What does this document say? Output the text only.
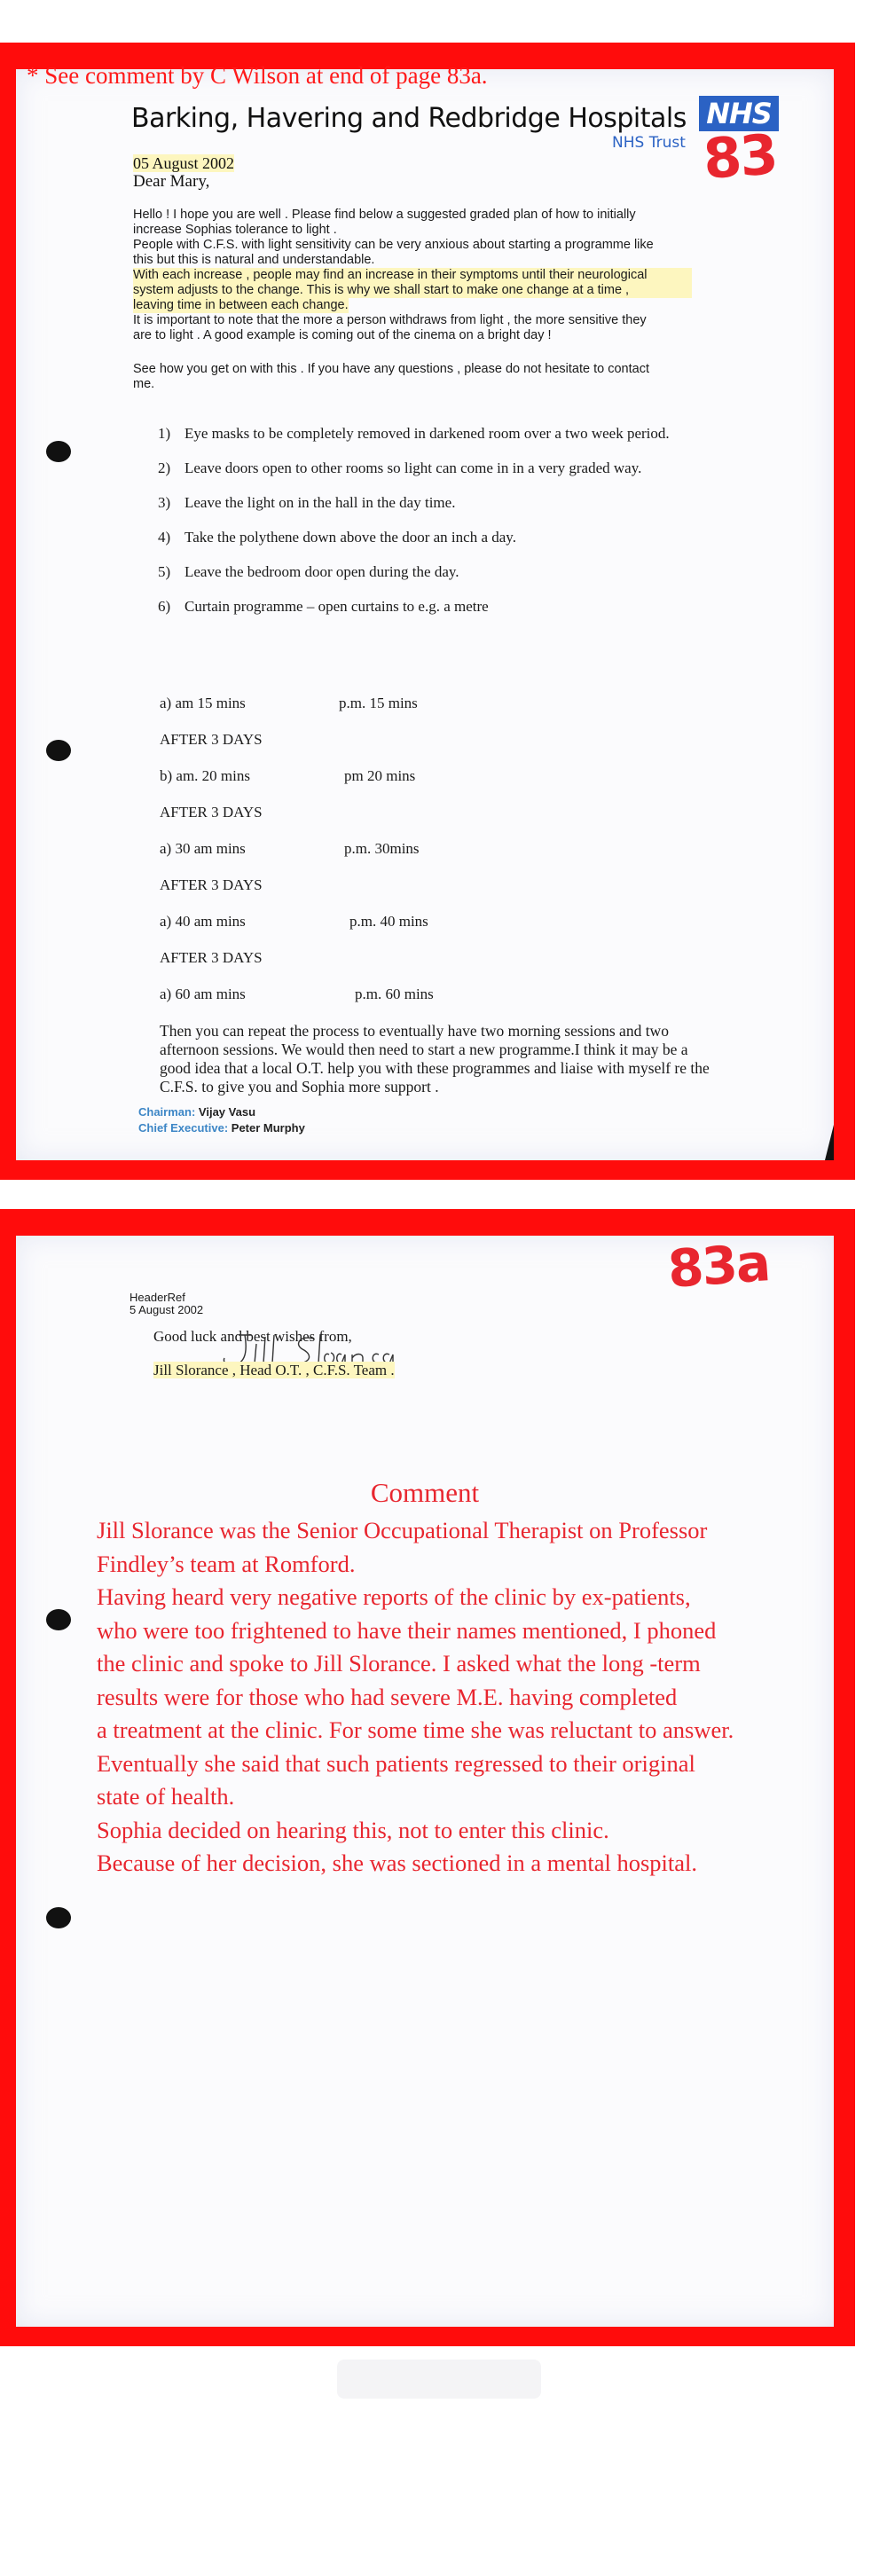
* See comment by C Wilson at end of page 83a.
Barking, Havering and Redbridge Hospitals NHS
NHS Trust 83
05 August 2002
Dear Mary,
Hello ! I hope you are well . Please find below a suggested graded plan of how to initially
increase Sophias tolerance to light .
People with C.F.S. with light sensitivity can be very anxious about starting a programme like
this but this is natural and understandable.
With each increase , people may find an increase in their symptoms until their neurological
system adjusts to the change. This is why we shall start to make one change at a time ,
leaving time in between each change.
It is important to note that the more a person withdraws from light , the more sensitive they
are to light . A good example is coming out of the cinema on a bright day !
See how you get on with this . If you have any questions , please do not hesitate to contact
me.
1) Eye masks to be completely removed in darkened room over a two week period.
2) Leave doors open to other rooms so light can come in in a very graded way.
3) Leave the light on in the hall in the day time.
4) Take the polythene down above the door an inch a day.
5) Leave the bedroom door open during the day.
6) Curtain programme – open curtains to e.g. a metre
a) am 15 mins	p.m. 15 mins
AFTER 3 DAYS
b) am. 20 mins	pm 20 mins
AFTER 3 DAYS
a) 30 am mins	p.m. 30mins
AFTER 3 DAYS
a) 40 am mins	p.m. 40 mins
AFTER 3 DAYS
a) 60 am mins	p.m. 60 mins
Then you can repeat the process to eventually have two morning sessions and two afternoon sessions. We would then need to start a new programme.I think it may be a good idea that a local O.T. help you with these programmes and liaise with myself re the C.F.S. to give you and Sophia more support .
Chairman: Vijay Vasu
Chief Executive: Peter Murphy
HeaderRef
5 August 2002
83a
Good luck and best wishes from,
Jill Slorance , Head O.T. , C.F.S. Team .
Comment
Jill Slorance was the Senior Occupational Therapist on Professor
Findley’s team at Romford.
Having heard very negative reports of the clinic by ex-patients,
who were too frightened to have their names mentioned, I phoned
the clinic and spoke to Jill Slorance. I asked what the long -term
results were for those who had severe M.E. having completed
a treatment at the clinic. For some time she was reluctant to answer.
Eventually she said that such patients regressed to their original
state of health.
Sophia decided on hearing this, not to enter this clinic.
Because of her decision, she was sectioned in a mental hospital.
